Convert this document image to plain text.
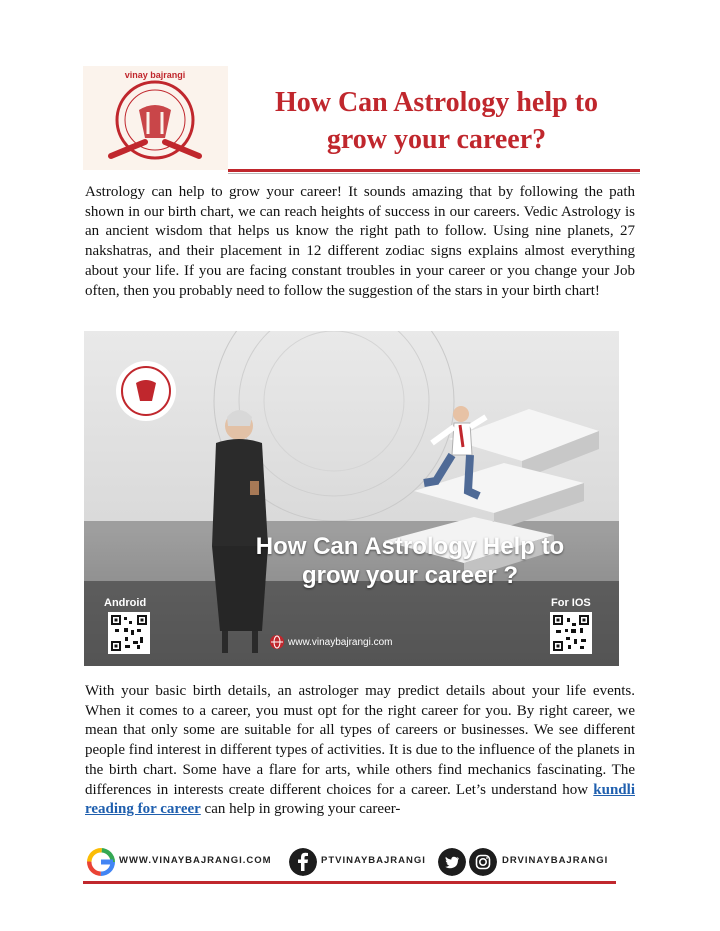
vinay bajrangi
How Can Astrology help to
grow your career?

Astrology can help to grow your career! It sounds amazing that by following the path shown in our birth chart, we can reach heights of success in our careers. Vedic Astrology is an ancient wisdom that helps us know the right path to follow. Using nine planets, 27 nakshatras, and their placement in 12 different zodiac signs explains almost everything about your life. If you are facing constant troubles in your career or you change your Job often, then you probably need to follow the suggestion of the stars in your birth chart!

How Can Astrology Help to
grow your career ?
Android	For IOS
www.vinaybajrangi.com

With your basic birth details, an astrologer may predict details about your life events. When it comes to a career, you must opt for the right career for you. By right career, we mean that only some are suitable for all types of careers or businesses. We see different people find interest in different types of activities. It is due to the influence of the planets in the birth chart. Some have a flare for arts, while others find mechanics fascinating. The differences in interests create different choices for a career. Let’s understand how kundli reading for career can help in growing your career-

WWW.VINAYBAJRANGI.COM	PTVINAYBAJRANGI	DRVINAYBAJRANGI
